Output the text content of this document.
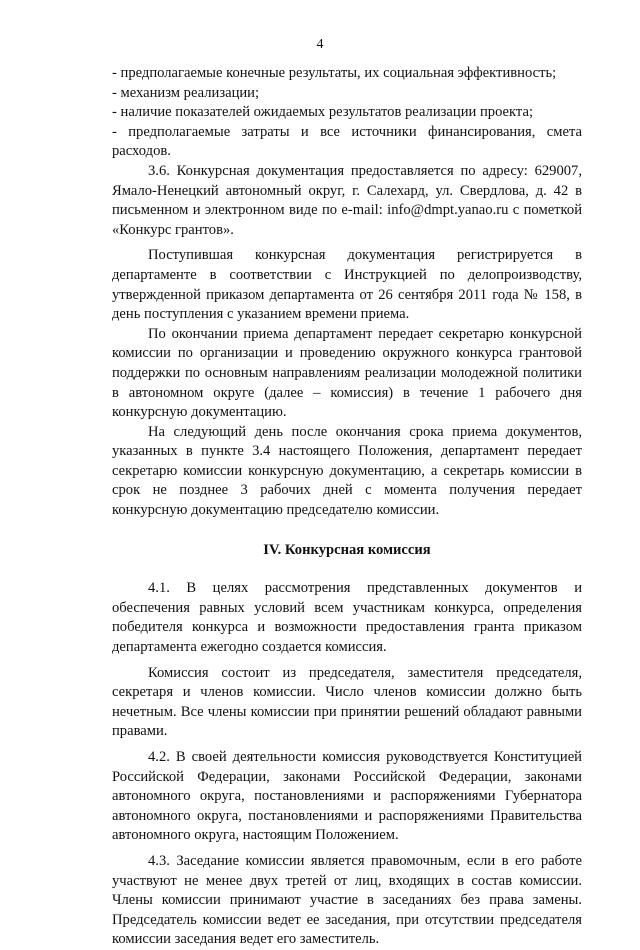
4

- предполагаемые конечные результаты, их социальная эффективность;

- механизм реализации;

- наличие показателей ожидаемых результатов реализации проекта;

- предполагаемые затраты и все источники финансирования, смета расходов.

3.6. Конкурсная документация предоставляется по адресу: 629007, Ямало-Ненецкий автономный округ, г. Салехард, ул. Свердлова, д. 42 в письменном и электронном виде по e-mail: info@dmpt.yanao.ru с пометкой «Конкурс грантов».

Поступившая конкурсная документация регистрируется в департаменте в соответствии с Инструкцией по делопроизводству, утвержденной приказом департамента от 26 сентября 2011 года № 158, в день поступления с указанием времени приема.

По окончании приема департамент передает секретарю конкурсной комиссии по организации и проведению окружного конкурса грантовой поддержки по основным направлениям реализации молодежной политики в автономном округе (далее – комиссия) в течение 1 рабочего дня конкурсную документацию.

На следующий день после окончания срока приема документов, указанных в пункте 3.4 настоящего Положения, департамент передает секретарю комиссии конкурсную документацию, а секретарь комиссии в срок не позднее 3 рабочих дней с момента получения передает конкурсную документацию председателю комиссии.

IV. Конкурсная комиссия

4.1. В целях рассмотрения представленных документов и обеспечения равных условий всем участникам конкурса, определения победителя конкурса и возможности предоставления гранта приказом департамента ежегодно создается комиссия.

Комиссия состоит из председателя, заместителя председателя, секретаря и членов комиссии. Число членов комиссии должно быть нечетным. Все члены комиссии при принятии решений обладают равными правами.

4.2. В своей деятельности комиссия руководствуется Конституцией Российской Федерации, законами Российской Федерации, законами автономного округа, постановлениями и распоряжениями Губернатора автономного округа, постановлениями и распоряжениями Правительства автономного округа, настоящим Положением.

4.3. Заседание комиссии является правомочным, если в его работе участвуют не менее двух третей от лиц, входящих в состав комиссии. Члены комиссии принимают участие в заседаниях без права замены. Председатель комиссии ведет ее заседания, при отсутствии председателя комиссии заседания ведет его заместитель.
